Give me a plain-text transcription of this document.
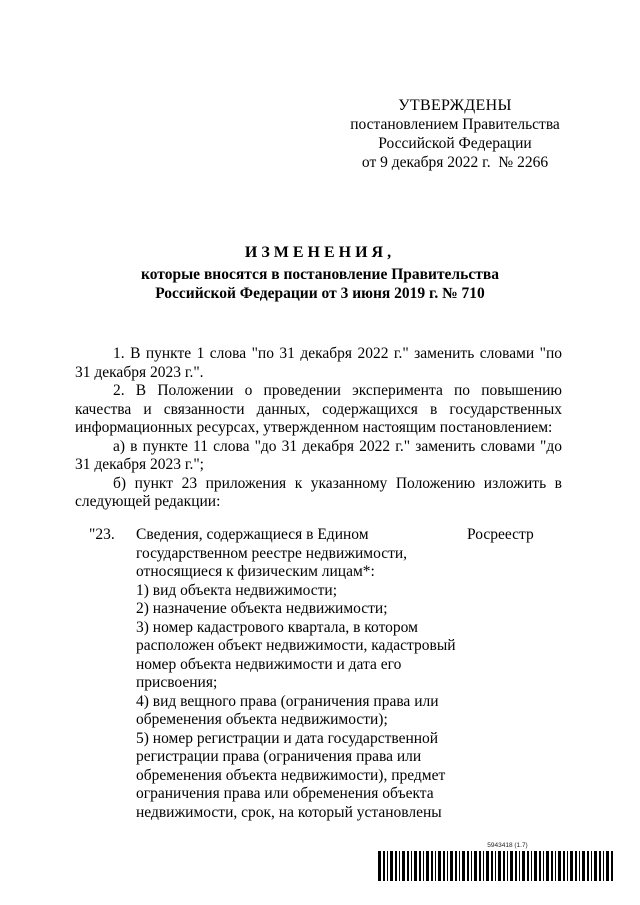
УТВЕРЖДЕНЫ
постановлением Правительства
Российской Федерации
от 9 декабря 2022 г.  № 2266
ИЗМЕНЕНИЯ,
которые вносятся в постановление Правительства
Российской Федерации от 3 июня 2019 г. № 710

1. В пункте 1 слова "по 31 декабря 2022 г." заменить словами "по 31 декабря 2023 г.".

2. В Положении о проведении эксперимента по повышению качества и связанности данных, содержащихся в государственных информационных ресурсах, утвержденном настоящим постановлением:

а) в пункте 11 слова "до 31 декабря 2022 г." заменить словами "до 31 декабря 2023 г.";

б) пункт 23 приложения к указанному Положению изложить в следующей редакции:

"23. Сведения, содержащиеся в Едином
государственном реестре недвижимости,
относящиеся к физическим лицам*:
1) вид объекта недвижимости;
2) назначение объекта недвижимости;
3) номер кадастрового квартала, в котором
расположен объект недвижимости, кадастровый
номер объекта недвижимости и дата его
присвоения;
4) вид вещного права (ограничения права или
обременения объекта недвижимости);
5) номер регистрации и дата государственной
регистрации права (ограничения права или
обременения объекта недвижимости), предмет
ограничения права или обременения объекта
недвижимости, срок, на который установлены
Росреестр
5943418 (1.7)
